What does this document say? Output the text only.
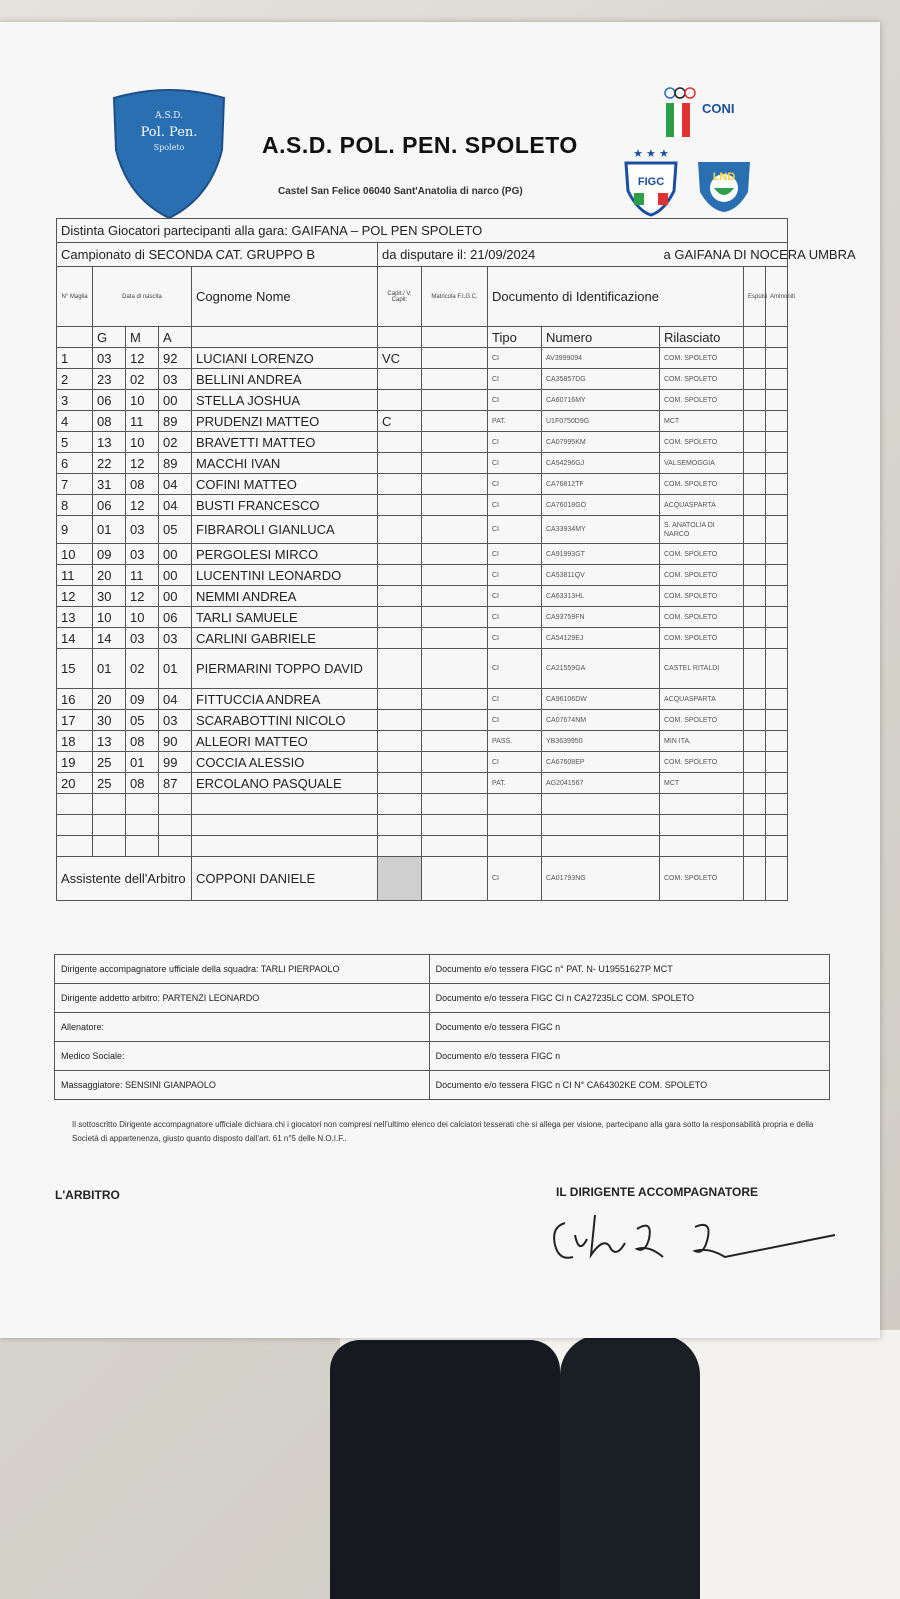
A.S.D.
Pol. Pen.
Spoleto	A.S.D. POL. PEN. SPOLETO
Castel San Felice 06040 Sant'Anatolia di narco (PG)
CONI
★ ★ ★
FIGC	LND
Distinta Giocatori partecipanti alla gara: GAIFANA – POL PEN SPOLETO												
Campionato di SECONDA CAT. GRUPPO B					da disputare il: 21/09/2024				a GAIFANA DI NOCERA UMBRA			
N° Maglia	Data di nascita			Cognome Nome	Capit./ V. Capit.	Matricola F.I.G.C.	Documento di Identificazione			Espulsi	Ammoniti	
	G	M	A				Tipo	Numero	Rilasciato			
1	03	12	92	LUCIANI LORENZO	VC		CI	AV3999094	COM. SPOLETO			
2	23	02	03	BELLINI ANDREA			CI	CA35857DG	COM. SPOLETO			
3	06	10	00	STELLA JOSHUA			CI	CA60716MY	COM. SPOLETO			
4	08	11	89	PRUDENZI MATTEO	C		PAT.	U1F0750D9G	MCT			
5	13	10	02	BRAVETTI MATTEO			CI	CA07995KM	COM. SPOLETO			
6	22	12	89	MACCHI IVAN			CI	CA54296GJ	VALSEMOGGIA			
7	31	08	04	COFINI MATTEO			CI	CA76812TF	COM. SPOLETO			
8	06	12	04	BUSTI FRANCESCO			CI	CA76018GO	ACQUASPARTA			
9	01	03	05	FIBRAROLI GIANLUCA			CI	CA33934MY	S. ANATOLIA DI NARCO			
10	09	03	00	PERGOLESI MIRCO			CI	CA91993GT	COM. SPOLETO			
11	20	11	00	LUCENTINI LEONARDO			CI	CA53811QV	COM. SPOLETO			
12	30	12	00	NEMMI ANDREA			CI	CA63313HL	COM. SPOLETO			
13	10	10	06	TARLI SAMUELE			CI	CA93759FN	COM. SPOLETO			
14	14	03	03	CARLINI GABRIELE			CI	CA54129EJ	COM. SPOLETO			
15	01	02	01	PIERMARINI TOPPO DAVID			CI	CA21559GA	CASTEL RITALDI			
16	20	09	04	FITTUCCIA ANDREA			CI	CA96106DW	ACQUASPARTA			
17	30	05	03	SCARABOTTINI NICOLO			CI	CA07674NM	COM. SPOLETO			
18	13	08	90	ALLEORI MATTEO			PASS.	YB3639950	MIN ITA.			
19	25	01	99	COCCIA ALESSIO			CI	CA67608EP	COM. SPOLETO			
20	25	08	87	ERCOLANO PASQUALE			PAT.	AG2041567	MCT			

Assistente dell'Arbitro				COPPONI DANIELE			CI	CA01793NG	COM. SPOLETO			
Dirigente accompagnatore ufficiale della squadra: TARLI PIERPAOLO	Documento e/o tessera FIGC n° PAT. N- U19551627P MCT
Dirigente addetto arbitro: PARTENZI LEONARDO	Documento e/o tessera FIGC CI n CA27235LC COM. SPOLETO
Allenatore:	Documento e/o tessera FIGC n
Medico Sociale:	Documento e/o tessera FIGC n
Massaggiatore: SENSINI GIANPAOLO	Documento e/o tessera FIGC n CI N° CA64302KE COM. SPOLETO
Il sottoscritto Dirigente accompagnatore ufficiale dichiara chi i giocatori non compresi nell'ultimo elenco dei calciatori tesserati che si allega per visione, partecipano alla gara sotto la responsabilità propria e della Società di appartenenza, giusto quanto disposto dall'art. 61 n°5 delle N.O.I.F..
L'ARBITRO	IL DIRIGENTE ACCOMPAGNATORE
